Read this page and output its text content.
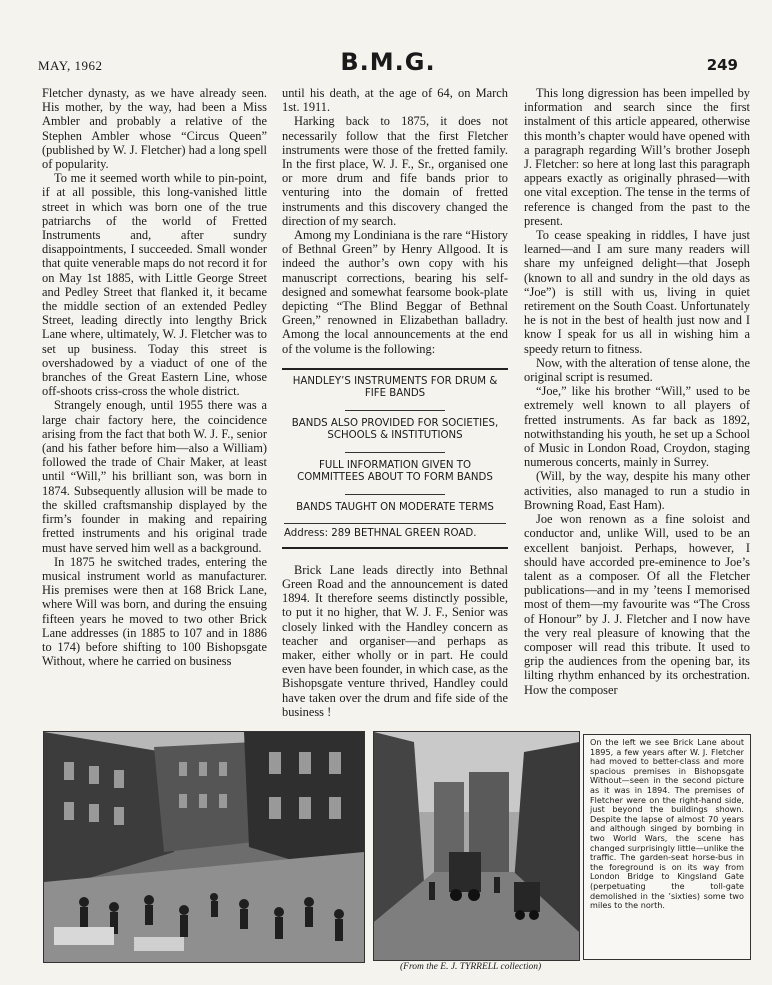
MAY, 1962	B.M.G.	249

Fletcher dynasty, as we have already seen. His mother, by the way, had been a Miss Ambler and probably a relative of the Stephen Ambler whose “Circus Queen” (published by W. J. Fletcher) had a long spell of popularity.

To me it seemed worth while to pin-point, if at all possible, this long-vanished little street in which was born one of the true patriarchs of the world of Fretted Instruments and, after sundry disappointments, I succeeded. Small wonder that quite venerable maps do not record it for on May 1st 1885, with Little George Street and Pedley Street that flanked it, it became the middle section of an extended Pedley Street, leading directly into lengthy Brick Lane where, ultimately, W. J. Fletcher was to set up business. Today this street is overshadowed by a viaduct of one of the branches of the Great Eastern Line, whose off-shoots criss-cross the whole district.

Strangely enough, until 1955 there was a large chair factory here, the coincidence arising from the fact that both W. J. F., senior (and his father before him—also a William) followed the trade of Chair Maker, at least until “Will,” his brilliant son, was born in 1874. Subsequently allusion will be made to the skilled craftsmanship displayed by the firm’s founder in making and repairing fretted instruments and his original trade must have served him well as a background.

In 1875 he switched trades, entering the musical instrument world as manufacturer. His premises were then at 168 Brick Lane, where Will was born, and during the ensuing fifteen years he moved to two other Brick Lane addresses (in 1885 to 107 and in 1886 to 174) before shifting to 100 Bishopsgate Without, where he carried on business

until his death, at the age of 64, on March 1st. 1911.

Harking back to 1875, it does not necessarily follow that the first Fletcher instruments were those of the fretted family. In the first place, W. J. F., Sr., organised one or more drum and fife bands prior to venturing into the domain of fretted instruments and this discovery changed the direction of my search.

Among my Londiniana is the rare “History of Bethnal Green” by Henry Allgood. It is indeed the author’s own copy with his manuscript corrections, bearing his self-designed and somewhat fearsome book-plate depicting “The Blind Beggar of Bethnal Green,” renowned in Elizabethan balladry. Among the local announcements at the end of the volume is the following:

HANDLEY’S INSTRUMENTS FOR DRUM & FIFE BANDS
BANDS ALSO PROVIDED FOR SOCIETIES, SCHOOLS & INSTITUTIONS
FULL INFORMATION GIVEN TO COMMITTEES ABOUT TO FORM BANDS
BANDS TAUGHT ON MODERATE TERMS
Address: 289 BETHNAL GREEN ROAD.

Brick Lane leads directly into Bethnal Green Road and the announcement is dated 1894. It therefore seems distinctly possible, to put it no higher, that W. J. F., Senior was closely linked with the Handley concern as teacher and organiser—and perhaps as maker, either wholly or in part. He could even have been founder, in which case, as the Bishopsgate venture thrived, Handley could have taken over the drum and fife side of the business !

This long digression has been impelled by information and search since the first instalment of this article appeared, otherwise this month’s chapter would have opened with a paragraph regarding Will’s brother Joseph J. Fletcher: so here at long last this paragraph appears exactly as originally phrased—with one vital exception. The tense in the terms of reference is changed from the past to the present.

To cease speaking in riddles, I have just learned—and I am sure many readers will share my unfeigned delight—that Joseph (known to all and sundry in the old days as “Joe”) is still with us, living in quiet retirement on the South Coast. Unfortunately he is not in the best of health just now and I know I speak for us all in wishing him a speedy return to fitness.

Now, with the alteration of tense alone, the original script is resumed.

“Joe,” like his brother “Will,” used to be extremely well known to all players of fretted instruments. As far back as 1892, notwithstanding his youth, he set up a School of Music in London Road, Croydon, staging numerous concerts, mainly in Surrey.

(Will, by the way, despite his many other activities, also managed to run a studio in Browning Road, East Ham).

Joe won renown as a fine soloist and conductor and, unlike Will, used to be an excellent banjoist. Perhaps, however, I should have accorded pre-eminence to Joe’s talent as a composer. Of all the Fletcher publications—and in my ’teens I memorised most of them—my favourite was “The Cross of Honour” by J. J. Fletcher and I now have the very real pleasure of knowing that the composer will read this tribute. It used to grip the audiences from the opening bar, its lilting rhythm enhanced by its orchestration. How the composer

On the left we see Brick Lane about 1895, a few years after W. J. Fletcher had moved to better-class and more spacious premises in Bishopsgate Without—seen in the second picture as it was in 1894. The premises of Fletcher were on the right-hand side, just beyond the buildings shown. Despite the lapse of almost 70 years and although singed by bombing in two World Wars, the scene has changed surprisingly little—unlike the traffic. The garden-seat horse-bus in the foreground is on its way from London Bridge to Kingsland Gate (perpetuating the toll-gate demolished in the ’sixties) some two miles to the north.
(From the E. J. TYRRELL collection)
